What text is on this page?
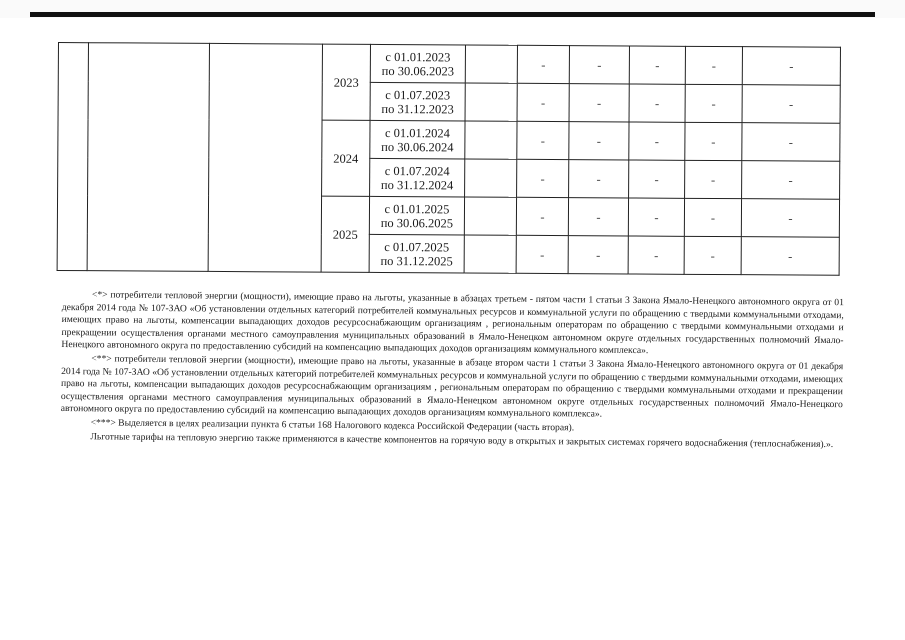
			2023	с 01.01.2023
по 30.06.2023		-	-	-	-	-
				с 01.07.2023
по 31.12.2023		-	-	-	-	-
			2024	с 01.01.2024
по 30.06.2024		-	-	-	-	-
				с 01.07.2024
по 31.12.2024		-	-	-	-	-
			2025	с 01.01.2025
по 30.06.2025		-	-	-	-	-
				с 01.07.2025
по 31.12.2025		-	-	-	-	-

<*> потребители тепловой энергии (мощности), имеющие право на льготы, указанные в абзацах третьем - пятом части 1 статьи 3 Закона Ямало-Ненецкого автономного округа от 01 декабря 2014 года № 107-ЗАО «Об установлении отдельных категорий потребителей коммунальных ресурсов и коммунальной услуги по обращению с твердыми коммунальными отходами, имеющих право на льготы, компенсации выпадающих доходов ресурсоснабжающим организациям , региональным операторам по обращению с твердыми коммунальными отходами и прекращении осуществления органами местного самоуправления муниципальных образований в Ямало-Ненецком автономном округе отдельных государственных полномочий Ямало-Ненецкого автономного округа по предоставлению субсидий на компенсацию выпадающих доходов организациям коммунального комплекса».

<**> потребители тепловой энергии (мощности), имеющие право на льготы, указанные в абзаце втором части 1 статьи 3 Закона Ямало-Ненецкого автономного округа от 01 декабря 2014 года № 107-ЗАО «Об установлении отдельных категорий потребителей коммунальных ресурсов и коммунальной услуги по обращению с твердыми коммунальными отходами, имеющих право на льготы, компенсации выпадающих доходов ресурсоснабжающим организациям , региональным операторам по обращению с твердыми коммунальными отходами и прекращении осуществления органами местного самоуправления муниципальных образований в Ямало-Ненецком автономном округе отдельных государственных полномочий Ямало-Ненецкого автономного округа по предоставлению субсидий на компенсацию выпадающих доходов организациям коммунального комплекса».

<***> Выделяется в целях реализации пункта 6 статьи 168 Налогового кодекса Российской Федерации (часть вторая).

Льготные тарифы на тепловую энергию также применяются в качестве компонентов на горячую воду в открытых и закрытых системах горячего водоснабжения (теплоснабжения).».
